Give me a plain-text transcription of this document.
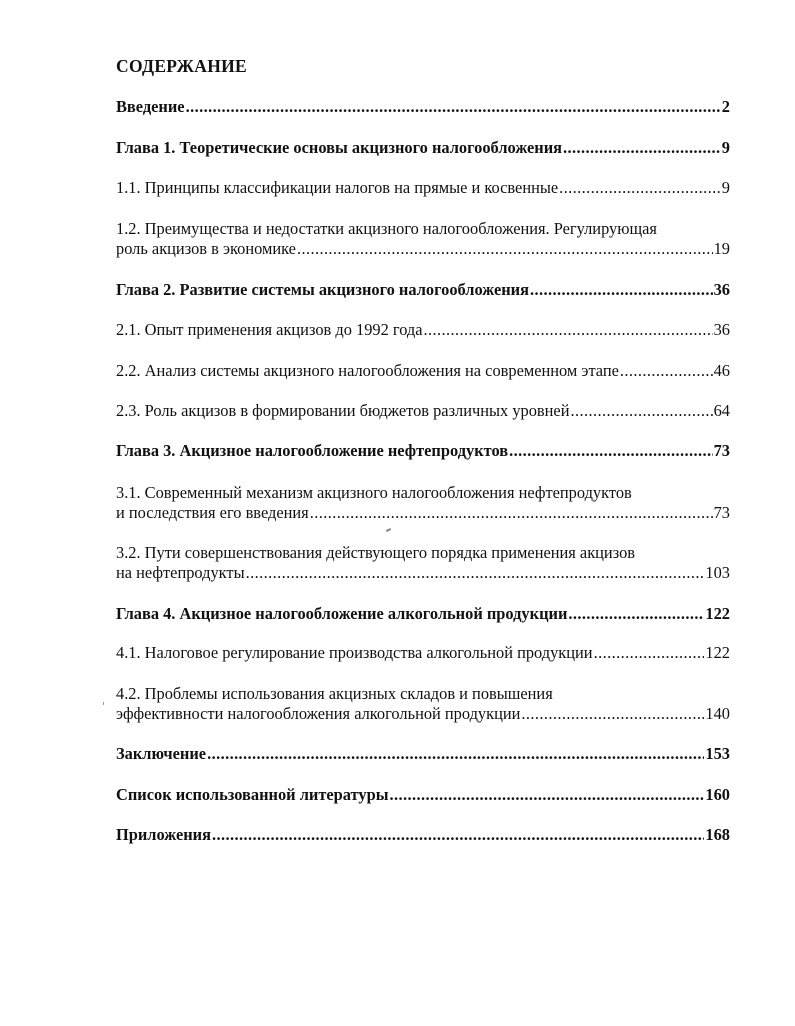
СОДЕРЖАНИЕ
Введение .....	2
Глава 1. Теоретические основы акцизного налогообложения .....	9
1.1. Принципы классификации налогов на прямые и косвенные .....	9
1.2. Преимущества и недостатки акцизного налогообложения. Регулирующая
роль акцизов в экономике .....	19
Глава 2. Развитие системы акцизного налогообложения .....	36
2.1. Опыт применения акцизов до 1992 года .....	36
2.2. Анализ системы акцизного налогообложения на современном этапе .....	46
2.3. Роль акцизов в формировании бюджетов различных уровней .....	64
Глава 3. Акцизное налогообложение нефтепродуктов .....	73
3.1. Современный механизм акцизного налогообложения нефтепродуктов
и последствия его введения .....	73
3.2. Пути совершенствования действующего порядка применения акцизов
на нефтепродукты .....	103
Глава 4. Акцизное налогообложение алкогольной продукции .....	122
4.1. Налоговое регулирование производства алкогольной продукции .....	122
4.2. Проблемы использования акцизных складов и повышения
эффективности налогообложения алкогольной продукции .....	140
Заключение .....	153
Список использованной литературы .....	160
Приложения .....	168
